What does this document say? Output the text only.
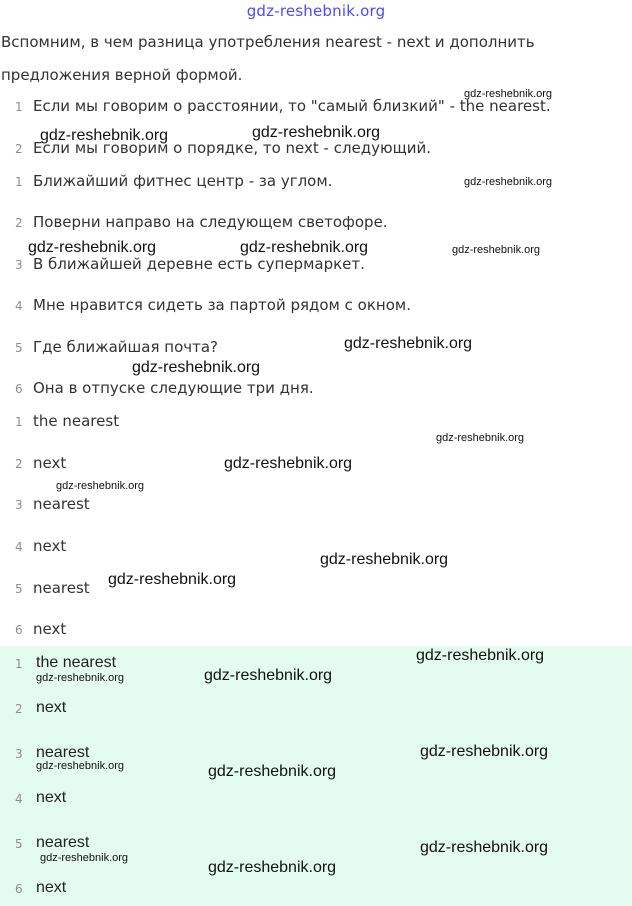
gdz-reshebnik.org
Вспомним, в чем разница употребления nearest - next и дополнить
предложения верной формой.
1 Если мы говорим о расстоянии, то "самый близкий" - the nearest.
2 Если мы говорим о порядке, то next - следующий.
1 Ближайший фитнес центр - за углом.
2 Поверни направо на следующем светофоре.
3 В ближайшей деревне есть супермаркет.
4 Мне нравится сидеть за партой рядом с окном.
5 Где ближайшая почта?
6 Она в отпуске следующие три дня.
1 the nearest
2 next
3 nearest
4 next
5 nearest
6 next
1 the nearest
2 next
3 nearest
4 next
5 nearest
6 next
gdz-reshebnik.org
gdz-reshebnik.org	gdz-reshebnik.org
gdz-reshebnik.org
gdz-reshebnik.org	gdz-reshebnik.org	gdz-reshebnik.org
gdz-reshebnik.org
gdz-reshebnik.org
gdz-reshebnik.org
gdz-reshebnik.org
gdz-reshebnik.org
gdz-reshebnik.org
gdz-reshebnik.org
gdz-reshebnik.org
gdz-reshebnik.org	gdz-reshebnik.org
gdz-reshebnik.org
gdz-reshebnik.org	gdz-reshebnik.org
gdz-reshebnik.org
gdz-reshebnik.org
gdz-reshebnik.org
